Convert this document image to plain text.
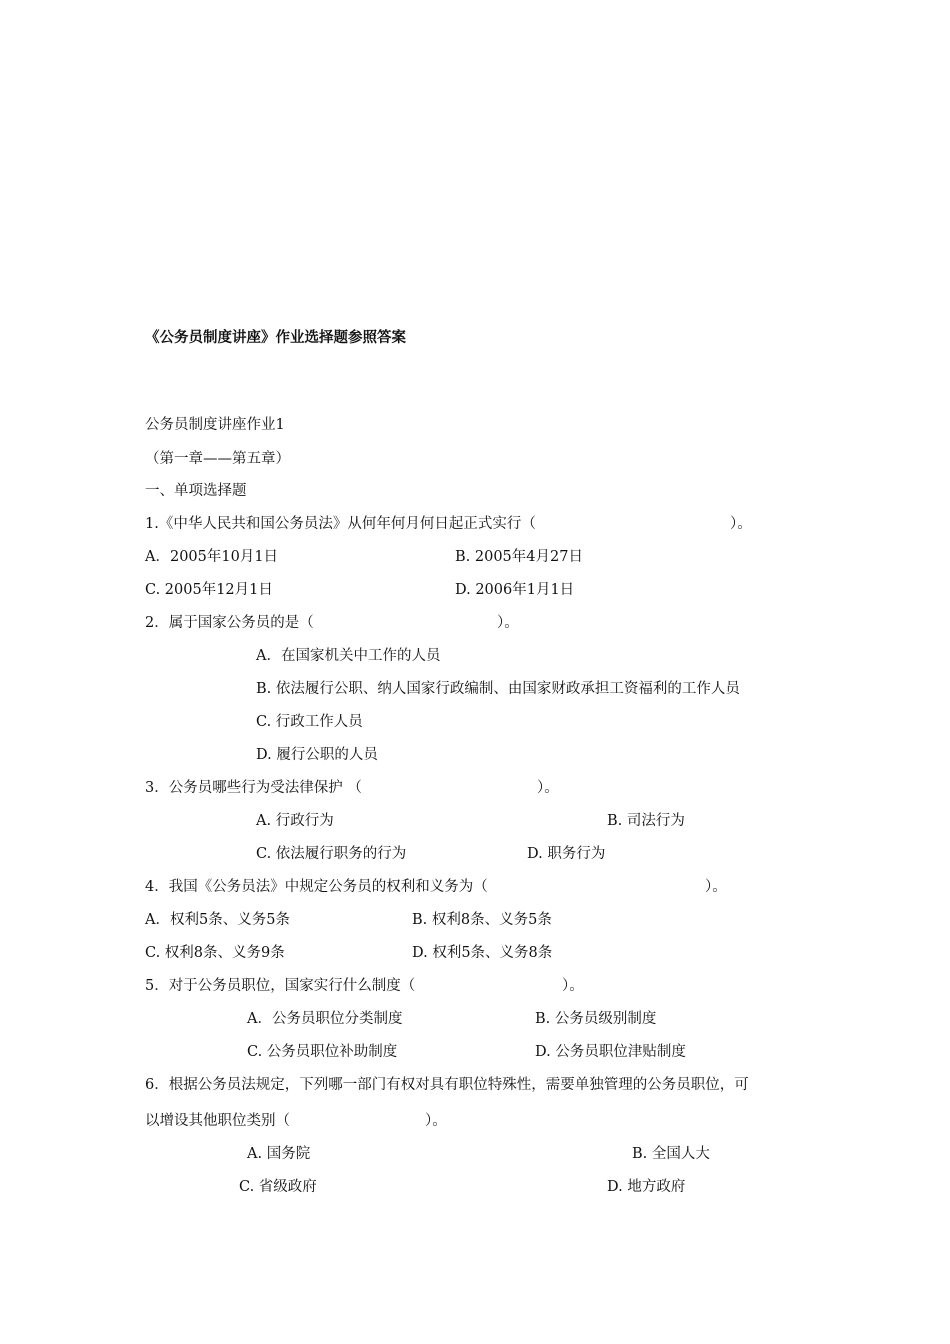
《公务员制度讲座》作业选择题参照答案
公务员制度讲座作业1
（第一章——第五章）
一、单项选择题
1.《中华人民共和国公务员法》从何年何月何日起正式实行（	）。
A．2005年10月1日	B. 2005年4月27日
C. 2005年12月1日	D. 2006年1月1日
2．属于国家公务员的是（	）。
A．在国家机关中工作的人员
B. 依法履行公职、纳人国家行政编制、由国家财政承担工资福利的工作人员
C. 行政工作人员
D. 履行公职的人员
3．公务员哪些行为受法律保护 （	）。
A. 行政行为	B. 司法行为
C. 依法履行职务的行为	D. 职务行为
4．我国《公务员法》中规定公务员的权利和义务为（	）。
A．权利5条、义务5条	B. 权利8条、义务5条
C. 权利8条、义务9条	D. 权利5条、义务8条
5．对于公务员职位，国家实行什么制度（	）。
A．公务员职位分类制度	B. 公务员级别制度
C. 公务员职位补助制度	D. 公务员职位津贴制度
6．根据公务员法规定，下列哪一部门有权对具有职位特殊性，需要单独管理的公务员职位，可
以增设其他职位类别（	）。
A. 国务院	B. 全国人大
C. 省级政府	D. 地方政府
